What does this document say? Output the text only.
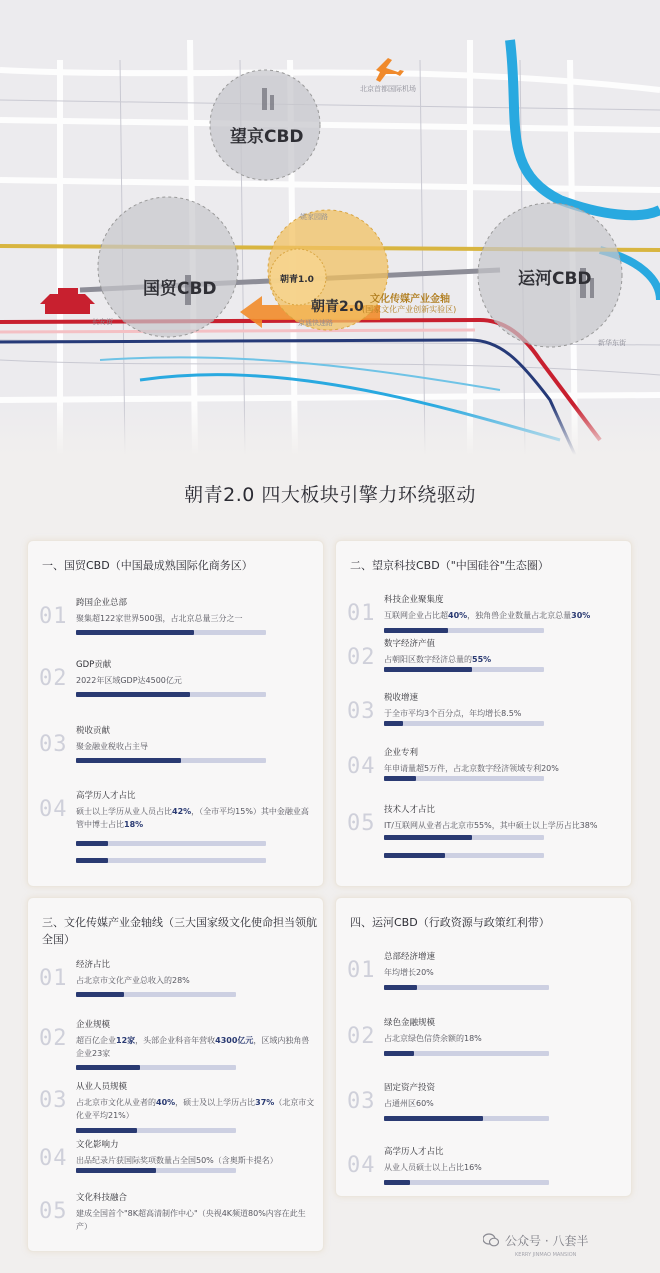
北京首都国际机场
长安街	京通快速路
新华东街
姚家园路
望京CBD
国贸CBD	运河CBD
朝青1.0
朝青2.0 文化传媒产业金轴
(国家文化产业创新实验区)
朝青2.0 四大板块引擎力环绕驱动
一、国贸CBD（中国最成熟国际化商务区）
01
跨国企业总部
聚集超122家世界500强，占北京总量三分之一
02
GDP贡献
2022年区域GDP达4500亿元
03
税收贡献
聚金融业税收占主导
04
高学历人才占比
硕士以上学历从业人员占比42%，（全市平均15%）其中金融业高管中博士占比18%
二、望京科技CBD（"中国硅谷"生态圈）
01
科技企业聚集度
互联网企业占比超40%，独角兽企业数量占北京总量30%
02
数字经济产值
占朝阳区数字经济总量的55%
03
税收增速
于全市平均3个百分点，年均增长8.5%
04
企业专利
年申请量超5万件，占北京数字经济领域专利20%
05
技术人才占比
IT/互联网从业者占北京市55%，其中硕士以上学历占比38%
三、文化传媒产业金轴线（三大国家级文化使命担当领航全国）
01
经济占比
占北京市文化产业总收入的28%
02
企业规模
超百亿企业12家，头部企业科音年营收4300亿元，区域内独角兽企业23家
03
从业人员规模
占北京市文化从业者的40%，硕士及以上学历占比37%（北京市文化业平均21%）
04
文化影响力
出品纪录片获国际奖项数量占全国50%（含奥斯卡提名）
05
文化科技融合
建成全国首个"8K超高清制作中心"（央视4K频道80%内容在此生产）
四、运河CBD（行政资源与政策红利带）
01
总部经济增速
年均增长20%
02
绿色金融规模
占北京绿色信贷余额的18%
03
固定资产投资
占通州区60%
04
高学历人才占比
从业人员硕士以上占比16%
公众号 · 八套半
KERRY JINMAO MANSION
